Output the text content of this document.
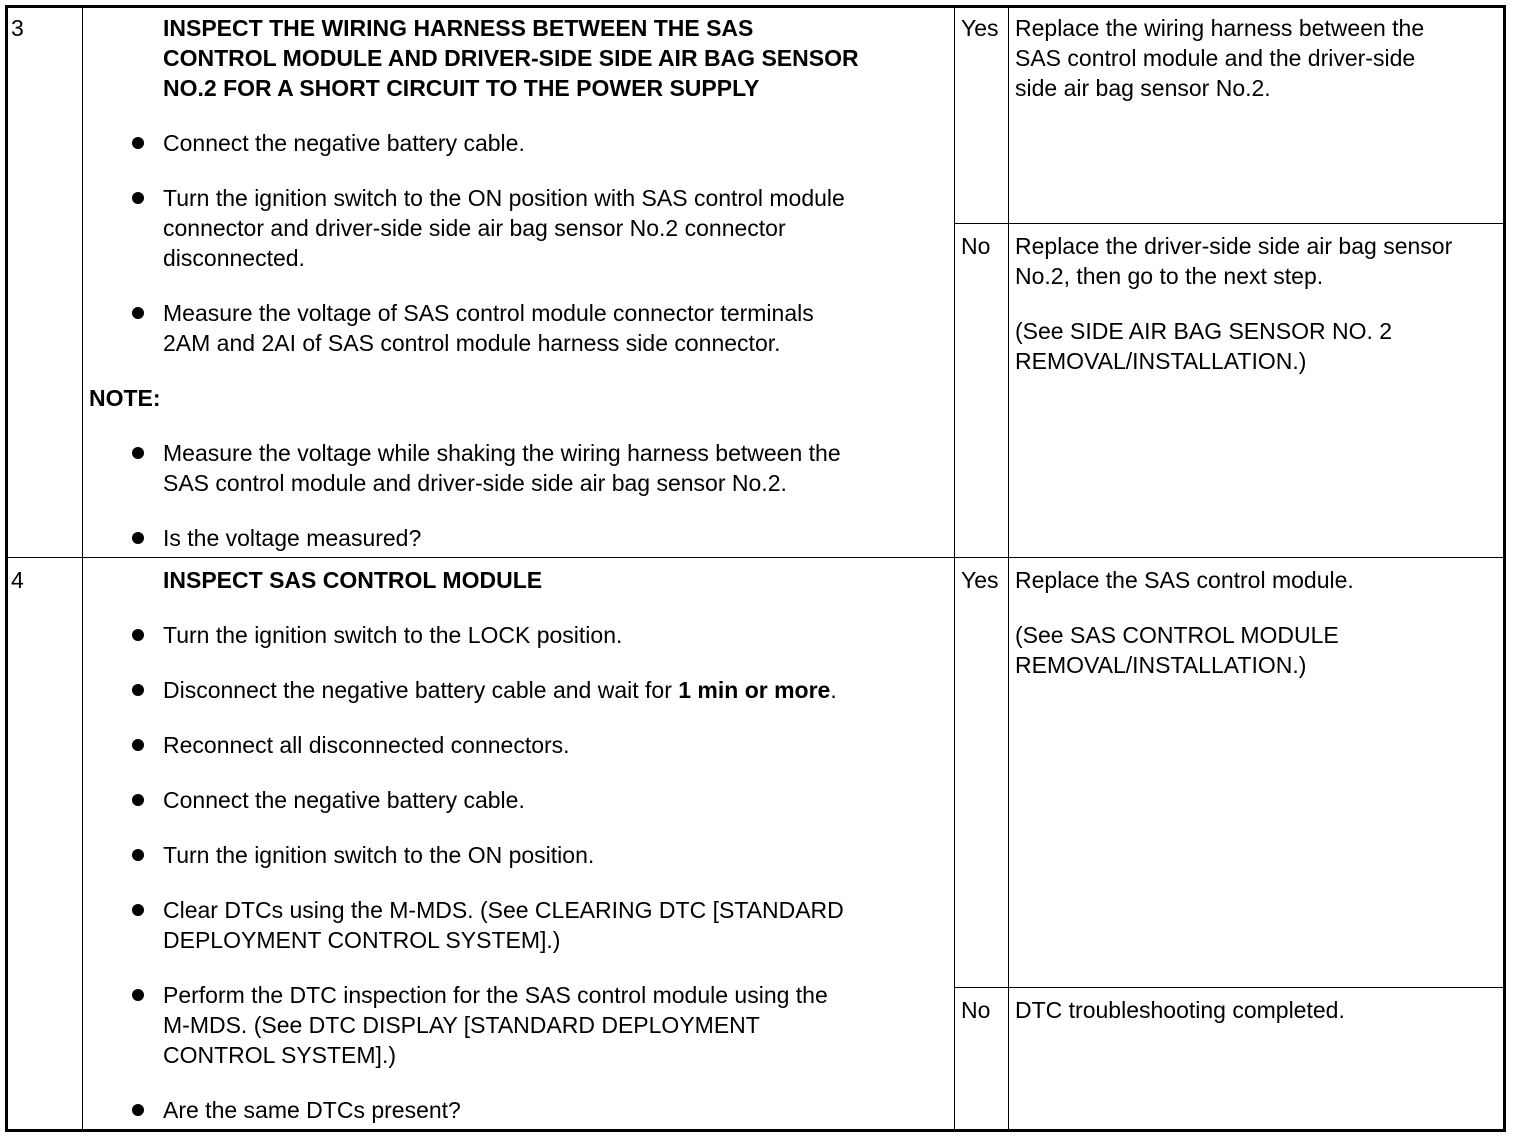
3	INSPECT THE WIRING HARNESS BETWEEN THE SAS
CONTROL MODULE AND DRIVER-SIDE SIDE AIR BAG SENSOR
NO.2 FOR A SHORT CIRCUIT TO THE POWER SUPPLY
Connect the negative battery cable.
Turn the ignition switch to the ON position with SAS control module
connector and driver-side side air bag sensor No.2 connector
disconnected.
Measure the voltage of SAS control module connector terminals
2AM and 2AI of SAS control module harness side connector.
NOTE:
Measure the voltage while shaking the wiring harness between the
SAS control module and driver-side side air bag sensor No.2.
Is the voltage measured?
Yes Replace the wiring harness between the
SAS control module and the driver-side
side air bag sensor No.2.
No Replace the driver-side side air bag sensor
No.2, then go to the next step.
(See SIDE AIR BAG SENSOR NO. 2
REMOVAL/INSTALLATION.)
4	INSPECT SAS CONTROL MODULE
Turn the ignition switch to the LOCK position.
Disconnect the negative battery cable and wait for 1 min or more.
Reconnect all disconnected connectors.
Connect the negative battery cable.
Turn the ignition switch to the ON position.
Clear DTCs using the M-MDS. (See CLEARING DTC [STANDARD
DEPLOYMENT CONTROL SYSTEM].)
Perform the DTC inspection for the SAS control module using the
M-MDS. (See DTC DISPLAY [STANDARD DEPLOYMENT
CONTROL SYSTEM].)
Are the same DTCs present?
Yes Replace the SAS control module.
(See SAS CONTROL MODULE
REMOVAL/INSTALLATION.)
No DTC troubleshooting completed.
